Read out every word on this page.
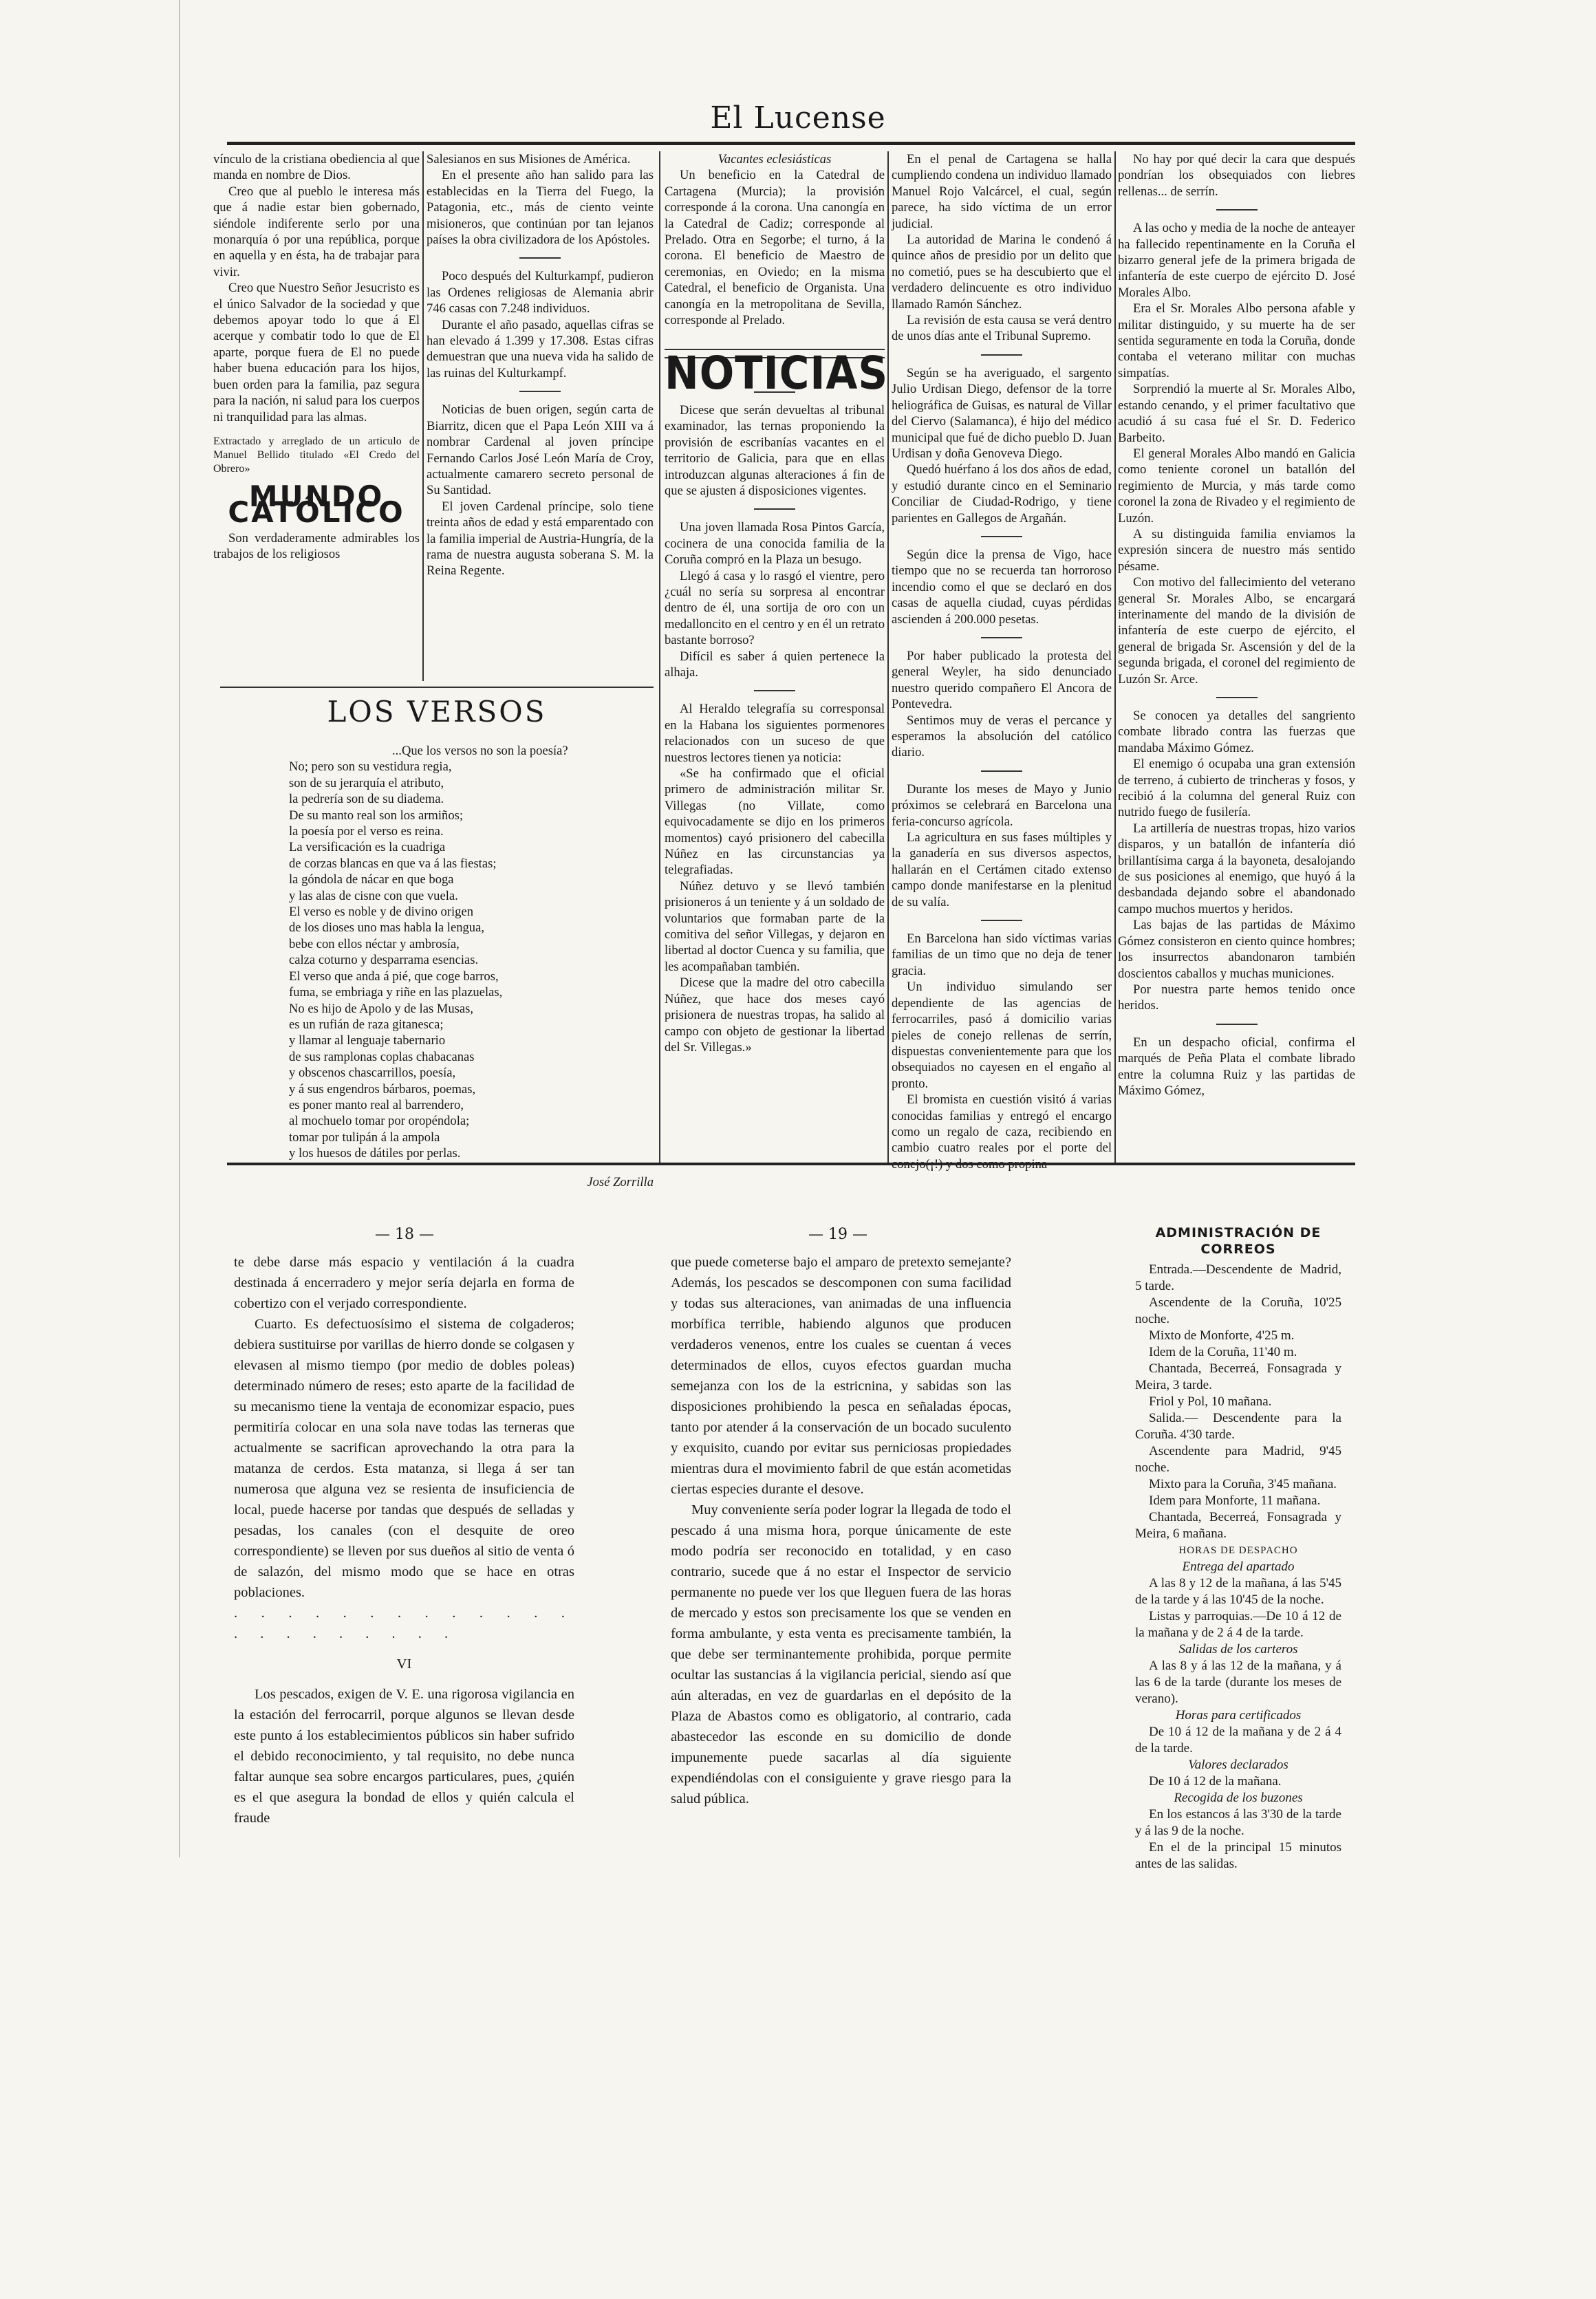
El Lucense

vínculo de la cristiana obediencia al que manda en nombre de Dios.

Creo que al pueblo le interesa más que á nadie estar bien gobernado, siéndole indiferente serlo por una monarquía ó por una república, porque en aquella y en ésta, ha de trabajar para vivir.

Creo que Nuestro Señor Jesucristo es el único Salvador de la sociedad y que debemos apoyar todo lo que á El acerque y combatir todo lo que de El aparte, porque fuera de El no puede haber buena educación para los hijos, buen orden para la familia, paz segura para la nación, ni salud para los cuerpos ni tranquilidad para las almas.

Extractado y arreglado de un articulo de Manuel Bellido titulado «El Credo del Obrero»

MUNDO CATÓLICO

Son verdaderamente admirables los trabajos de los religiosos

Salesianos en sus Misiones de América.

En el presente año han salido para las establecidas en la Tierra del Fuego, la Patagonia, etc., más de ciento veinte misioneros, que continúan por tan lejanos países la obra civilizadora de los Apóstoles.

Poco después del Kulturkampf, pudieron las Ordenes religiosas de Alemania abrir 746 casas con 7.248 individuos.

Durante el año pasado, aquellas cifras se han elevado á 1.399 y 17.308. Estas cifras demuestran que una nueva vida ha salido de las ruinas del Kulturkampf.

Noticias de buen origen, según carta de Biarritz, dicen que el Papa León XIII va á nombrar Cardenal al joven príncipe Fernando Carlos José León María de Croy, actualmente camarero secreto personal de Su Santidad.

El joven Cardenal príncipe, solo tiene treinta años de edad y está emparentado con la familia imperial de Austria-Hungría, de la rama de nuestra augusta soberana S. M. la Reina Regente.

LOS VERSOS
...Que los versos no son la poesía?
No; pero son su vestidura regia,
son de su jerarquía el atributo,
la pedrería son de su diadema.
De su manto real son los armiños;
la poesía por el verso es reina.
La versificación es la cuadriga
de corzas blancas en que va á las fiestas;
la góndola de nácar en que boga
y las alas de cisne con que vuela.
El verso es noble y de divino origen
de los dioses uno mas habla la lengua,
bebe con ellos néctar y ambrosía,
calza coturno y desparrama esencias.
El verso que anda á pié, que coge barros,
fuma, se embriaga y riñe en las plazuelas,
No es hijo de Apolo y de las Musas,
es un rufián de raza gitanesca;
y llamar al lenguaje tabernario
de sus ramplonas coplas chabacanas
y obscenos chascarrillos, poesía,
y á sus engendros bárbaros, poemas,
es poner manto real al barrendero,
al mochuelo tomar por oropéndola;
tomar por tulipán á la ampola
y los huesos de dátiles por perlas.
José Zorrilla
Vacantes eclesiásticas

Un beneficio en la Catedral de Cartagena (Murcia); la provisión corresponde á la corona. Una canongía en la Catedral de Cadiz; corresponde al Prelado. Otra en Segorbe; el turno, á la corona. El beneficio de Maestro de ceremonias, en Oviedo; en la misma Catedral, el beneficio de Organista. Una canongía en la metropolitana de Sevilla, corresponde al Prelado.

NOTICIAS

Dicese que serán devueltas al tribunal examinador, las ternas proponiendo la provisión de escribanías vacantes en el territorio de Galicia, para que en ellas introduzcan algunas alteraciones á fin de que se ajusten á disposiciones vigentes.

Una joven llamada Rosa Pintos García, cocinera de una conocida familia de la Coruña compró en la Plaza un besugo.

Llegó á casa y lo rasgó el vientre, pero ¿cuál no sería su sorpresa al encontrar dentro de él, una sortija de oro con un medalloncito en el centro y en él un retrato bastante borroso?

Difícil es saber á quien pertenece la alhaja.

Al Heraldo telegrafía su corresponsal en la Habana los siguientes pormenores relacionados con un suceso de que nuestros lectores tienen ya noticia:

«Se ha confirmado que el oficial primero de administración militar Sr. Villegas (no Villate, como equivocadamente se dijo en los primeros momentos) cayó prisionero del cabecilla Núñez en las circunstancias ya telegrafiadas.

Núñez detuvo y se llevó también prisioneros á un teniente y á un soldado de voluntarios que formaban parte de la comitiva del señor Villegas, y dejaron en libertad al doctor Cuenca y su familia, que les acompañaban también.

Dicese que la madre del otro cabecilla Núñez, que hace dos meses cayó prisionera de nuestras tropas, ha salido al campo con objeto de gestionar la libertad del Sr. Villegas.»

En el penal de Cartagena se halla cumpliendo condena un individuo llamado Manuel Rojo Valcárcel, el cual, según parece, ha sido víctima de un error judicial.

La autoridad de Marina le condenó á quince años de presidio por un delito que no cometió, pues se ha descubierto que el verdadero delincuente es otro individuo llamado Ramón Sánchez.

La revisión de esta causa se verá dentro de unos días ante el Tribunal Supremo.

Según se ha averiguado, el sargento Julio Urdisan Diego, defensor de la torre heliográfica de Guisas, es natural de Villar del Ciervo (Salamanca), é hijo del médico municipal que fué de dicho pueblo D. Juan Urdisan y doña Genoveva Diego.

Quedó huérfano á los dos años de edad, y estudió durante cinco en el Seminario Conciliar de Ciudad-Rodrigo, y tiene parientes en Gallegos de Argañán.

Según dice la prensa de Vigo, hace tiempo que no se recuerda tan horroroso incendio como el que se declaró en dos casas de aquella ciudad, cuyas pérdidas ascienden á 200.000 pesetas.

Por haber publicado la protesta del general Weyler, ha sido denunciado nuestro querido compañero El Ancora de Pontevedra.

Sentimos muy de veras el percance y esperamos la absolución del católico diario.

Durante los meses de Mayo y Junio próximos se celebrará en Barcelona una feria-concurso agrícola.

La agricultura en sus fases múltiples y la ganadería en sus diversos aspectos, hallarán en el Certámen citado extenso campo donde manifestarse en la plenitud de su valía.

En Barcelona han sido víctimas varias familias de un timo que no deja de tener gracia.

Un individuo simulando ser dependiente de las agencias de ferrocarriles, pasó á domicilio varias pieles de conejo rellenas de serrín, dispuestas convenientemente para que los obsequiados no cayesen en el engaño al pronto.

El bromista en cuestión visitó á varias conocidas familias y entregó el encargo como un regalo de caza, recibiendo en cambio cuatro reales por el porte del conejo(¡!) y dos como propina

No hay por qué decir la cara que después pondrían los obsequiados con liebres rellenas... de serrín.

A las ocho y media de la noche de anteayer ha fallecido repentinamente en la Coruña el bizarro general jefe de la primera brigada de infantería de este cuerpo de ejército D. José Morales Albo.

Era el Sr. Morales Albo persona afable y militar distinguido, y su muerte ha de ser sentida seguramente en toda la Coruña, donde contaba el veterano militar con muchas simpatías.

Sorprendió la muerte al Sr. Morales Albo, estando cenando, y el primer facultativo que acudió á su casa fué el Sr. D. Federico Barbeito.

El general Morales Albo mandó en Galicia como teniente coronel un batallón del regimiento de Murcia, y más tarde como coronel la zona de Rivadeo y el regimiento de Luzón.

A su distinguida familia enviamos la expresión sincera de nuestro más sentido pésame.

Con motivo del fallecimiento del veterano general Sr. Morales Albo, se encargará interinamente del mando de la división de infantería de este cuerpo de ejército, el general de brigada Sr. Ascensión y del de la segunda brigada, el coronel del regimiento de Luzón Sr. Arce.

Se conocen ya detalles del sangriento combate librado contra las fuerzas que mandaba Máximo Gómez.

El enemigo ó ocupaba una gran extensión de terreno, á cubierto de trincheras y fosos, y recibió á la columna del general Ruiz con nutrido fuego de fusilería.

La artillería de nuestras tropas, hizo varios disparos, y un batallón de infantería dió brillantísima carga á la bayoneta, desalojando de sus posiciones al enemigo, que huyó á la desbandada dejando sobre el abandonado campo muchos muertos y heridos.

Las bajas de las partidas de Máximo Gómez consisteron en ciento quince hombres; los insurrectos abandonaron también doscientos caballos y muchas municiones.

Por nuestra parte hemos tenido once heridos.

En un despacho oficial, confirma el marqués de Peña Plata el combate librado entre la columna Ruiz y las partidas de Máximo Gómez,

— 18 —	— 19 —

te debe darse más espacio y ventilación á la cuadra destinada á encerradero y mejor sería dejarla en forma de cobertizo con el verjado correspondiente.

Cuarto. Es defectuosísimo el sistema de colgaderos; debiera sustituirse por varillas de hierro donde se colgasen y elevasen al mismo tiempo (por medio de dobles poleas) determinado número de reses; esto aparte de la facilidad de su mecanismo tiene la ventaja de economizar espacio, pues permitiría colocar en una sola nave todas las terneras que actualmente se sacrifican aprovechando la otra para la matanza de cerdos. Esta matanza, si llega á ser tan numerosa que alguna vez se resienta de insuficiencia de local, puede hacerse por tandas que después de selladas y pesadas, los canales (con el desquite de oreo correspondiente) se lleven por sus dueños al sitio de venta ó de salazón, del mismo modo que se hace en otras poblaciones.

. . . . . . . . . . . . . . . . . . . . . .

VI

Los pescados, exigen de V. E. una rigorosa vigilancia en la estación del ferrocarril, porque algunos se llevan desde este punto á los establecimientos públicos sin haber sufrido el debido reconocimiento, y tal requisito, no debe nunca faltar aunque sea sobre encargos particulares, pues, ¿quién es el que asegura la bondad de ellos y quién calcula el fraude

que puede cometerse bajo el amparo de pretexto semejante? Además, los pescados se descomponen con suma facilidad y todas sus alteraciones, van animadas de una influencia morbífica terrible, habiendo algunos que producen verdaderos venenos, entre los cuales se cuentan á veces determinados de ellos, cuyos efectos guardan mucha semejanza con los de la estricnina, y sabidas son las disposiciones prohibiendo la pesca en señaladas épocas, tanto por atender á la conservación de un bocado suculento y exquisito, cuando por evitar sus perniciosas propiedades mientras dura el movimiento fabril de que están acometidas ciertas especies durante el desove.

Muy conveniente sería poder lograr la llegada de todo el pescado á una misma hora, porque únicamente de este modo podría ser reconocido en totalidad, y en caso contrario, sucede que á no estar el Inspector de servicio permanente no puede ver los que lleguen fuera de las horas de mercado y estos son precisamente los que se venden en forma ambulante, y esta venta es precisamente también, la que debe ser terminantemente prohibida, porque permite ocultar las sustancias á la vigilancia pericial, siendo así que aún alteradas, en vez de guardarlas en el depósito de la Plaza de Abastos como es obligatorio, al contrario, cada abastecedor las esconde en su domicilio de donde impunemente puede sacarlas al día siguiente expendiéndolas con el consiguiente y grave riesgo para la salud pública.

ADMINISTRACIÓN DE CORREOS

Entrada.—Descendente de Madrid, 5 tarde.

Ascendente de la Coruña, 10'25 noche.

Mixto de Monforte, 4'25 m.

Idem de la Coruña, 11'40 m.

Chantada, Becerreá, Fonsagrada y Meira, 3 tarde.

Friol y Pol, 10 mañana.

Salida.— Descendente para la Coruña. 4'30 tarde.

Ascendente para Madrid, 9'45 noche.

Mixto para la Coruña, 3'45 mañana.

Idem para Monforte, 11 mañana.

Chantada, Becerreá, Fonsagrada y Meira, 6 mañana.

HORAS DE DESPACHO
Entrega del apartado

A las 8 y 12 de la mañana, á las 5'45 de la tarde y á las 10'45 de la noche.

Listas y parroquias.—De 10 á 12 de la mañana y de 2 á 4 de la tarde.

Salidas de los carteros

A las 8 y á las 12 de la mañana, y á las 6 de la tarde (durante los meses de verano).

Horas para certificados

De 10 á 12 de la mañana y de 2 á 4 de la tarde.

Valores declarados

De 10 á 12 de la mañana.

Recogida de los buzones

En los estancos á las 3'30 de la tarde y á las 9 de la noche.

En el de la principal 15 minutos antes de las salidas.
